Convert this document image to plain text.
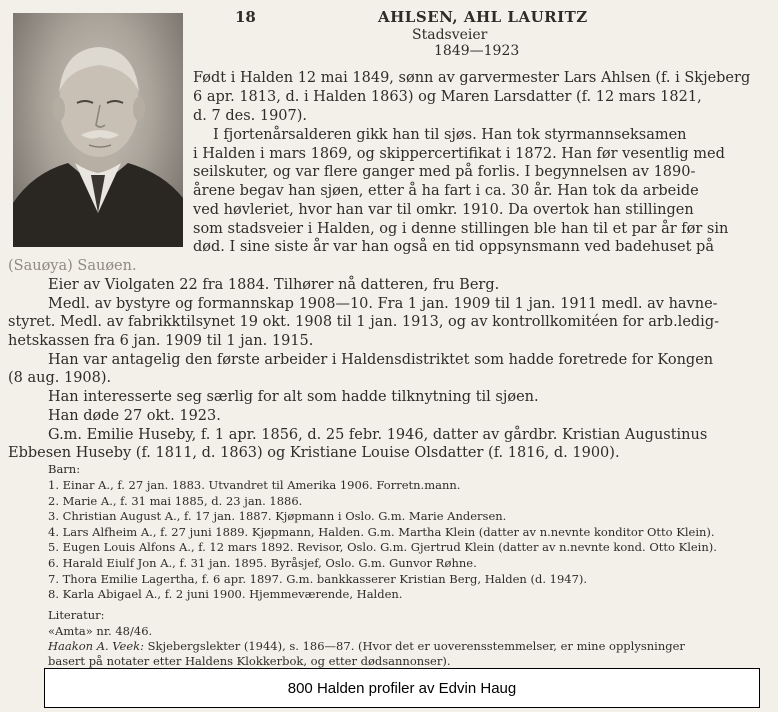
18	AHLSEN, AHL LAURITZ
Stadsveier
1849—1923
Født i Halden 12 mai 1849, sønn av garvermester Lars Ahlsen (f. i Skjeberg
6 apr. 1813, d. i Halden 1863) og Maren Larsdatter (f. 12 mars 1821,
d. 7 des. 1907).
I fjortenårsalderen gikk han til sjøs. Han tok styrmannseksamen
i Halden i mars 1869, og skippercertifikat i 1872. Han før vesentlig med
seilskuter, og var flere ganger med på forlis. I begynnelsen av 1890-
årene begav han sjøen, etter å ha fart i ca. 30 år. Han tok da arbeide
ved høvleriet, hvor han var til omkr. 1910. Da overtok han stillingen
som stadsveier i Halden, og i denne stillingen ble han til et par år før sin
død. I sine siste år var han også en tid oppsynsmann ved badehuset på
(Sauøya) Sauøen.
Eier av Violgaten 22 fra 1884. Tilhører nå datteren, fru Berg.
Medl. av bystyre og formannskap 1908—10. Fra 1 jan. 1909 til 1 jan. 1911 medl. av havne-
styret. Medl. av fabrikktilsynet 19 okt. 1908 til 1 jan. 1913, og av kontrollkomitéen for arb.ledig-
hetskassen fra 6 jan. 1909 til 1 jan. 1915.
Han var antagelig den første arbeider i Haldensdistriktet som hadde foretrede for Kongen
(8 aug. 1908).
Han interesserte seg særlig for alt som hadde tilknytning til sjøen.
Han døde 27 okt. 1923.
G.m. Emilie Huseby, f. 1 apr. 1856, d. 25 febr. 1946, datter av gårdbr. Kristian Augustinus
Ebbesen Huseby (f. 1811, d. 1863) og Kristiane Louise Olsdatter (f. 1816, d. 1900).
Barn:
1. Einar A., f. 27 jan. 1883. Utvandret til Amerika 1906. Forretn.mann.
2. Marie A., f. 31 mai 1885, d. 23 jan. 1886.
3. Christian August A., f. 17 jan. 1887. Kjøpmann i Oslo. G.m. Marie Andersen.
4. Lars Alfheim A., f. 27 juni 1889. Kjøpmann, Halden. G.m. Martha Klein (datter av n.nevnte konditor Otto Klein).
5. Eugen Louis Alfons A., f. 12 mars 1892. Revisor, Oslo. G.m. Gjertrud Klein (datter av n.nevnte kond. Otto Klein).
6. Harald Eiulf Jon A., f. 31 jan. 1895. Byråsjef, Oslo. G.m. Gunvor Røhne.
7. Thora Emilie Lagertha, f. 6 apr. 1897. G.m. bankkasserer Kristian Berg, Halden (d. 1947).
8. Karla Abigael A., f. 2 juni 1900. Hjemmeværende, Halden.
Literatur:
«Amta» nr. 48/46.
Haakon A. Veek: Skjebergslekter (1944), s. 186—87. (Hvor det er uoverensstemmelser, er mine opplysninger
basert på notater etter Haldens Klokkerbok, og etter dødsannonser).
800 Halden profiler av Edvin Haug
